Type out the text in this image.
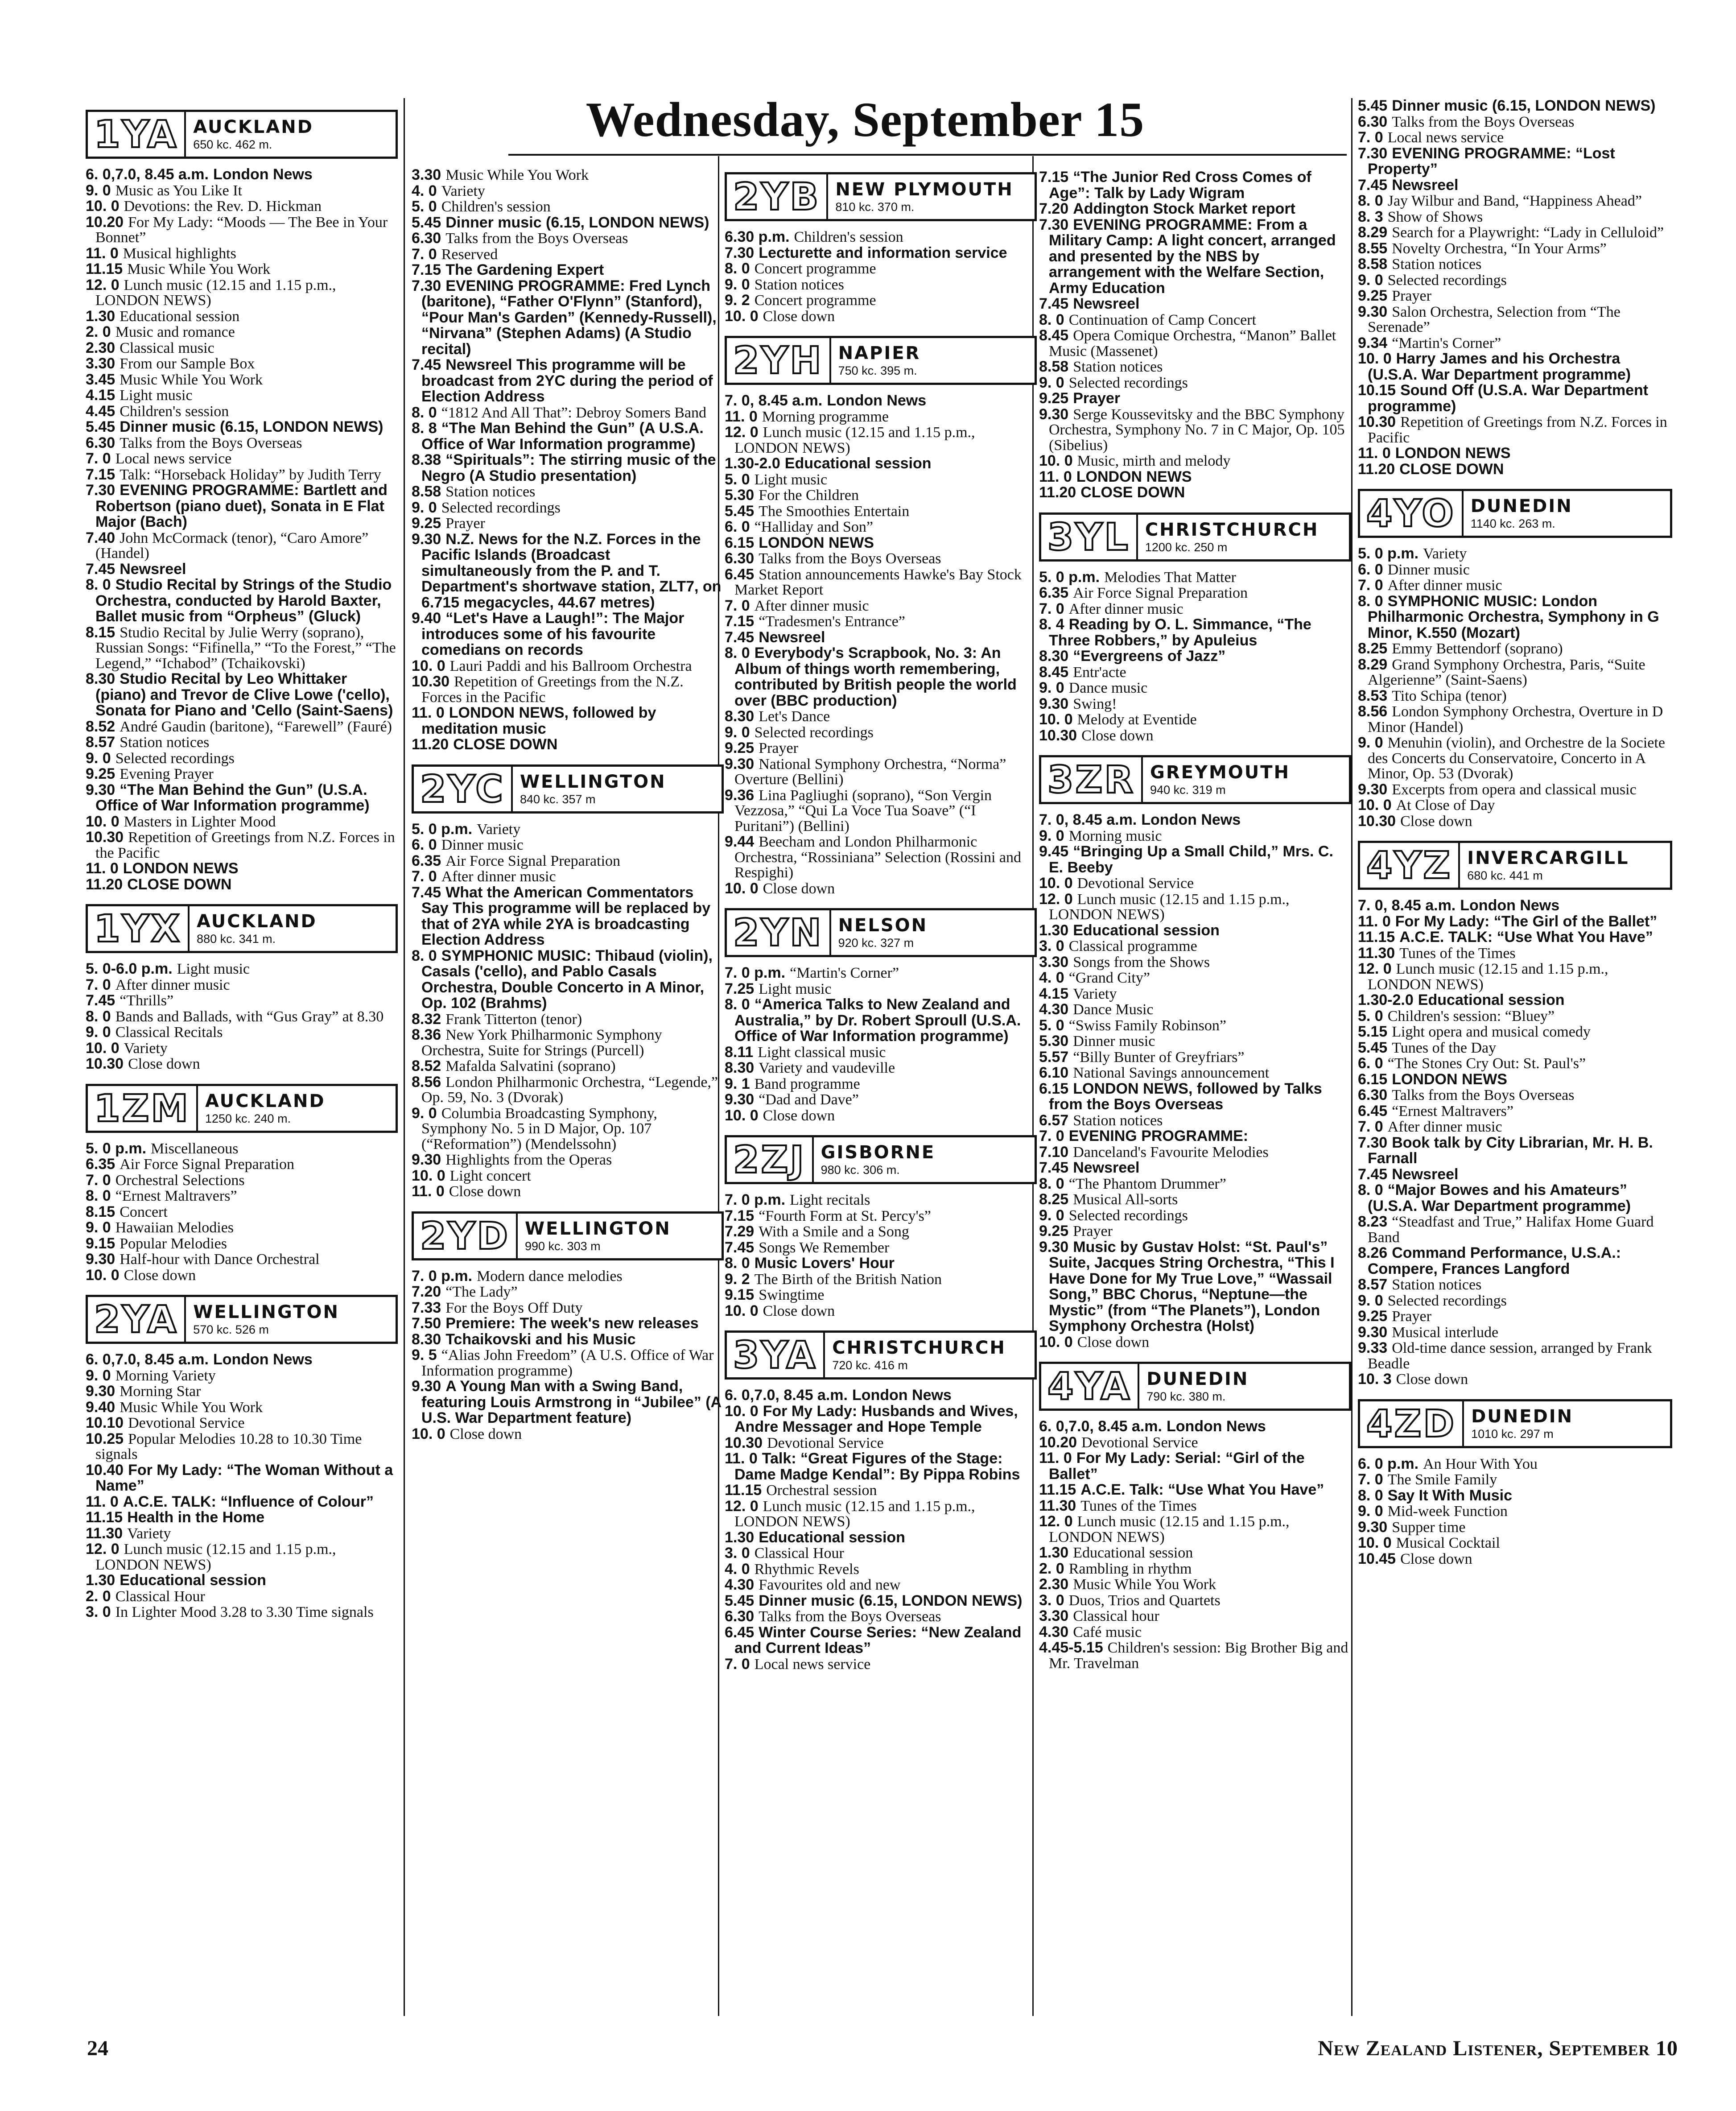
Wednesday, September 15
1YA AUCKLAND
650 kc. 462 m.
6. 0,7.0, 8.45 a.m. London News
9. 0 Music as You Like It
10. 0 Devotions: the Rev. D. Hickman
10.20 For My Lady: “Moods — The Bee in Your Bonnet”
11. 0 Musical highlights
11.15 Music While You Work
12. 0 Lunch music (12.15 and 1.15 p.m., LONDON NEWS)
1.30 Educational session
2. 0 Music and romance
2.30 Classical music
3.30 From our Sample Box
3.45 Music While You Work
4.15 Light music
4.45 Children's session
5.45 Dinner music (6.15, LONDON NEWS)
6.30 Talks from the Boys Overseas
7. 0 Local news service
7.15 Talk: “Horseback Holiday” by Judith Terry
7.30 EVENING PROGRAMME: Bartlett and Robertson (piano duet), Sonata in E Flat Major (Bach)
7.40 John McCormack (tenor), “Caro Amore” (Handel)
7.45 Newsreel
8. 0 Studio Recital by Strings of the Studio Orchestra, conducted by Harold Baxter, Ballet music from “Orpheus” (Gluck)
8.15 Studio Recital by Julie Werry (soprano), Russian Songs: “Fifinella,” “To the Forest,” “The Legend,” “Ichabod” (Tchaikovski)
8.30 Studio Recital by Leo Whittaker (piano) and Trevor de Clive Lowe ('cello), Sonata for Piano and 'Cello (Saint-Saens)
8.52 André Gaudin (baritone), “Farewell” (Fauré)
8.57 Station notices
9. 0 Selected recordings
9.25 Evening Prayer
9.30 “The Man Behind the Gun” (U.S.A. Office of War Information programme)
10. 0 Masters in Lighter Mood
10.30 Repetition of Greetings from N.Z. Forces in the Pacific
11. 0 LONDON NEWS
11.20 CLOSE DOWN
1YX AUCKLAND
880 kc. 341 m.
5. 0-6.0 p.m. Light music
7. 0 After dinner music
7.45 “Thrills”
8. 0 Bands and Ballads, with “Gus Gray” at 8.30
9. 0 Classical Recitals
10. 0 Variety
10.30 Close down
1ZM AUCKLAND
1250 kc. 240 m.
5. 0 p.m. Miscellaneous
6.35 Air Force Signal Preparation
7. 0 Orchestral Selections
8. 0 “Ernest Maltravers”
8.15 Concert
9. 0 Hawaiian Melodies
9.15 Popular Melodies
9.30 Half-hour with Dance Orchestral
10. 0 Close down
2YA WELLINGTON
570 kc. 526 m
6. 0,7.0, 8.45 a.m. London News
9. 0 Morning Variety
9.30 Morning Star
9.40 Music While You Work
10.10 Devotional Service
10.25 Popular Melodies 10.28 to 10.30 Time signals
10.40 For My Lady: “The Woman Without a Name”
11. 0 A.C.E. TALK: “Influence of Colour”
11.15 Health in the Home
11.30 Variety
12. 0 Lunch music (12.15 and 1.15 p.m., LONDON NEWS)
1.30 Educational session
2. 0 Classical Hour
3. 0 In Lighter Mood 3.28 to 3.30 Time signals
3.30 Music While You Work
4. 0 Variety
5. 0 Children's session
5.45 Dinner music (6.15, LONDON NEWS)
6.30 Talks from the Boys Overseas
7. 0 Reserved
7.15 The Gardening Expert
7.30 EVENING PROGRAMME: Fred Lynch (baritone), “Father O'Flynn” (Stanford), “Pour Man's Garden” (Kennedy-Russell), “Nirvana” (Stephen Adams) (A Studio recital)
7.45 Newsreel This programme will be broadcast from 2YC during the period of Election Address
8. 0 “1812 And All That”: Debroy Somers Band
8. 8 “The Man Behind the Gun” (A U.S.A. Office of War Information programme)
8.38 “Spirituals”: The stirring music of the Negro (A Studio presentation)
8.58 Station notices
9. 0 Selected recordings
9.25 Prayer
9.30 N.Z. News for the N.Z. Forces in the Pacific Islands (Broadcast simultaneously from the P. and T. Department's shortwave station, ZLT7, on 6.715 megacycles, 44.67 metres)
9.40 “Let's Have a Laugh!”: The Major introduces some of his favourite comedians on records
10. 0 Lauri Paddi and his Ballroom Orchestra
10.30 Repetition of Greetings from the N.Z. Forces in the Pacific
11. 0 LONDON NEWS, followed by meditation music
11.20 CLOSE DOWN
2YC WELLINGTON
840 kc. 357 m
5. 0 p.m. Variety
6. 0 Dinner music
6.35 Air Force Signal Preparation
7. 0 After dinner music
7.45 What the American Commentators Say This programme will be replaced by that of 2YA while 2YA is broadcasting Election Address
8. 0 SYMPHONIC MUSIC: Thibaud (violin), Casals ('cello), and Pablo Casals Orchestra, Double Concerto in A Minor, Op. 102 (Brahms)
8.32 Frank Titterton (tenor)
8.36 New York Philharmonic Symphony Orchestra, Suite for Strings (Purcell)
8.52 Mafalda Salvatini (soprano)
8.56 London Philharmonic Orchestra, “Legende,” Op. 59, No. 3 (Dvorak)
9. 0 Columbia Broadcasting Symphony, Symphony No. 5 in D Major, Op. 107 (“Reformation”) (Mendelssohn)
9.30 Highlights from the Operas
10. 0 Light concert
11. 0 Close down
2YD WELLINGTON
990 kc. 303 m
7. 0 p.m. Modern dance melodies
7.20 “The Lady”
7.33 For the Boys Off Duty
7.50 Premiere: The week's new releases
8.30 Tchaikovski and his Music
9. 5 “Alias John Freedom” (A U.S. Office of War Information programme)
9.30 A Young Man with a Swing Band, featuring Louis Armstrong in “Jubilee” (A U.S. War Department feature)
10. 0 Close down
2YB NEW PLYMOUTH
810 kc. 370 m.
6.30 p.m. Children's session
7.30 Lecturette and information service
8. 0 Concert programme
9. 0 Station notices
9. 2 Concert programme
10. 0 Close down
2YH NAPIER
750 kc. 395 m.
7. 0, 8.45 a.m. London News
11. 0 Morning programme
12. 0 Lunch music (12.15 and 1.15 p.m., LONDON NEWS)
1.30-2.0 Educational session
5. 0 Light music
5.30 For the Children
5.45 The Smoothies Entertain
6. 0 “Halliday and Son”
6.15 LONDON NEWS
6.30 Talks from the Boys Overseas
6.45 Station announcements Hawke's Bay Stock Market Report
7. 0 After dinner music
7.15 “Tradesmen's Entrance”
7.45 Newsreel
8. 0 Everybody's Scrapbook, No. 3: An Album of things worth remembering, contributed by British people the world over (BBC production)
8.30 Let's Dance
9. 0 Selected recordings
9.25 Prayer
9.30 National Symphony Orchestra, “Norma” Overture (Bellini)
9.36 Lina Pagliughi (soprano), “Son Vergin Vezzosa,” “Qui La Voce Tua Soave” (“I Puritani”) (Bellini)
9.44 Beecham and London Philharmonic Orchestra, “Rossiniana” Selection (Rossini and Respighi)
10. 0 Close down
2YN NELSON
920 kc. 327 m
7. 0 p.m. “Martin's Corner”
7.25 Light music
8. 0 “America Talks to New Zealand and Australia,” by Dr. Robert Sproull (U.S.A. Office of War Information programme)
8.11 Light classical music
8.30 Variety and vaudeville
9. 1 Band programme
9.30 “Dad and Dave”
10. 0 Close down
2ZJ GISBORNE
980 kc. 306 m.
7. 0 p.m. Light recitals
7.15 “Fourth Form at St. Percy's”
7.29 With a Smile and a Song
7.45 Songs We Remember
8. 0 Music Lovers' Hour
9. 2 The Birth of the British Nation
9.15 Swingtime
10. 0 Close down
3YA CHRISTCHURCH
720 kc. 416 m
6. 0,7.0, 8.45 a.m. London News
10. 0 For My Lady: Husbands and Wives, Andre Messager and Hope Temple
10.30 Devotional Service
11. 0 Talk: “Great Figures of the Stage: Dame Madge Kendal”: By Pippa Robins
11.15 Orchestral session
12. 0 Lunch music (12.15 and 1.15 p.m., LONDON NEWS)
1.30 Educational session
3. 0 Classical Hour
4. 0 Rhythmic Revels
4.30 Favourites old and new
5.45 Dinner music (6.15, LONDON NEWS)
6.30 Talks from the Boys Overseas
6.45 Winter Course Series: “New Zealand and Current Ideas”
7. 0 Local news service
7.15 “The Junior Red Cross Comes of Age”: Talk by Lady Wigram
7.20 Addington Stock Market report
7.30 EVENING PROGRAMME: From a Military Camp: A light concert, arranged and presented by the NBS by arrangement with the Welfare Section, Army Education
7.45 Newsreel
8. 0 Continuation of Camp Concert
8.45 Opera Comique Orchestra, “Manon” Ballet Music (Massenet)
8.58 Station notices
9. 0 Selected recordings
9.25 Prayer
9.30 Serge Koussevitsky and the BBC Symphony Orchestra, Symphony No. 7 in C Major, Op. 105 (Sibelius)
10. 0 Music, mirth and melody
11. 0 LONDON NEWS
11.20 CLOSE DOWN
3YL CHRISTCHURCH
1200 kc. 250 m
5. 0 p.m. Melodies That Matter
6.35 Air Force Signal Preparation
7. 0 After dinner music
8. 4 Reading by O. L. Simmance, “The Three Robbers,” by Apuleius
8.30 “Evergreens of Jazz”
8.45 Entr'acte
9. 0 Dance music
9.30 Swing!
10. 0 Melody at Eventide
10.30 Close down
3ZR GREYMOUTH
940 kc. 319 m
7. 0, 8.45 a.m. London News
9. 0 Morning music
9.45 “Bringing Up a Small Child,” Mrs. C. E. Beeby
10. 0 Devotional Service
12. 0 Lunch music (12.15 and 1.15 p.m., LONDON NEWS)
1.30 Educational session
3. 0 Classical programme
3.30 Songs from the Shows
4. 0 “Grand City”
4.15 Variety
4.30 Dance Music
5. 0 “Swiss Family Robinson”
5.30 Dinner music
5.57 “Billy Bunter of Greyfriars”
6.10 National Savings announcement
6.15 LONDON NEWS, followed by Talks from the Boys Overseas
6.57 Station notices
7. 0 EVENING PROGRAMME:
7.10 Danceland's Favourite Melodies
7.45 Newsreel
8. 0 “The Phantom Drummer”
8.25 Musical All-sorts
9. 0 Selected recordings
9.25 Prayer
9.30 Music by Gustav Holst: “St. Paul's” Suite, Jacques String Orchestra, “This I Have Done for My True Love,” “Wassail Song,” BBC Chorus, “Neptune—the Mystic” (from “The Planets”), London Symphony Orchestra (Holst)
10. 0 Close down
4YA DUNEDIN
790 kc. 380 m.
6. 0,7.0, 8.45 a.m. London News
10.20 Devotional Service
11. 0 For My Lady: Serial: “Girl of the Ballet”
11.15 A.C.E. Talk: “Use What You Have”
11.30 Tunes of the Times
12. 0 Lunch music (12.15 and 1.15 p.m., LONDON NEWS)
1.30 Educational session
2. 0 Rambling in rhythm
2.30 Music While You Work
3. 0 Duos, Trios and Quartets
3.30 Classical hour
4.30 Café music
4.45-5.15 Children's session: Big Brother Big and Mr. Travelman
5.45 Dinner music (6.15, LONDON NEWS)
6.30 Talks from the Boys Overseas
7. 0 Local news service
7.30 EVENING PROGRAMME: “Lost Property”
7.45 Newsreel
8. 0 Jay Wilbur and Band, “Happiness Ahead”
8. 3 Show of Shows
8.29 Search for a Playwright: “Lady in Celluloid”
8.55 Novelty Orchestra, “In Your Arms”
8.58 Station notices
9. 0 Selected recordings
9.25 Prayer
9.30 Salon Orchestra, Selection from “The Serenade”
9.34 “Martin's Corner”
10. 0 Harry James and his Orchestra (U.S.A. War Department programme)
10.15 Sound Off (U.S.A. War Department programme)
10.30 Repetition of Greetings from N.Z. Forces in Pacific
11. 0 LONDON NEWS
11.20 CLOSE DOWN
4YO DUNEDIN
1140 kc. 263 m.
5. 0 p.m. Variety
6. 0 Dinner music
7. 0 After dinner music
8. 0 SYMPHONIC MUSIC: London Philharmonic Orchestra, Symphony in G Minor, K.550 (Mozart)
8.25 Emmy Bettendorf (soprano)
8.29 Grand Symphony Orchestra, Paris, “Suite Algerienne” (Saint-Saens)
8.53 Tito Schipa (tenor)
8.56 London Symphony Orchestra, Overture in D Minor (Handel)
9. 0 Menuhin (violin), and Orchestre de la Societe des Concerts du Conservatoire, Concerto in A Minor, Op. 53 (Dvorak)
9.30 Excerpts from opera and classical music
10. 0 At Close of Day
10.30 Close down
4YZ INVERCARGILL
680 kc. 441 m
7. 0, 8.45 a.m. London News
11. 0 For My Lady: “The Girl of the Ballet”
11.15 A.C.E. TALK: “Use What You Have”
11.30 Tunes of the Times
12. 0 Lunch music (12.15 and 1.15 p.m., LONDON NEWS)
1.30-2.0 Educational session
5. 0 Children's session: “Bluey”
5.15 Light opera and musical comedy
5.45 Tunes of the Day
6. 0 “The Stones Cry Out: St. Paul's”
6.15 LONDON NEWS
6.30 Talks from the Boys Overseas
6.45 “Ernest Maltravers”
7. 0 After dinner music
7.30 Book talk by City Librarian, Mr. H. B. Farnall
7.45 Newsreel
8. 0 “Major Bowes and his Amateurs” (U.S.A. War Department programme)
8.23 “Steadfast and True,” Halifax Home Guard Band
8.26 Command Performance, U.S.A.: Compere, Frances Langford
8.57 Station notices
9. 0 Selected recordings
9.25 Prayer
9.30 Musical interlude
9.33 Old-time dance session, arranged by Frank Beadle
10. 3 Close down
4ZD DUNEDIN
1010 kc. 297 m
6. 0 p.m. An Hour With You
7. 0 The Smile Family
8. 0 Say It With Music
9. 0 Mid-week Function
9.30 Supper time
10. 0 Musical Cocktail
10.45 Close down
24	New Zealand Listener, September 10
